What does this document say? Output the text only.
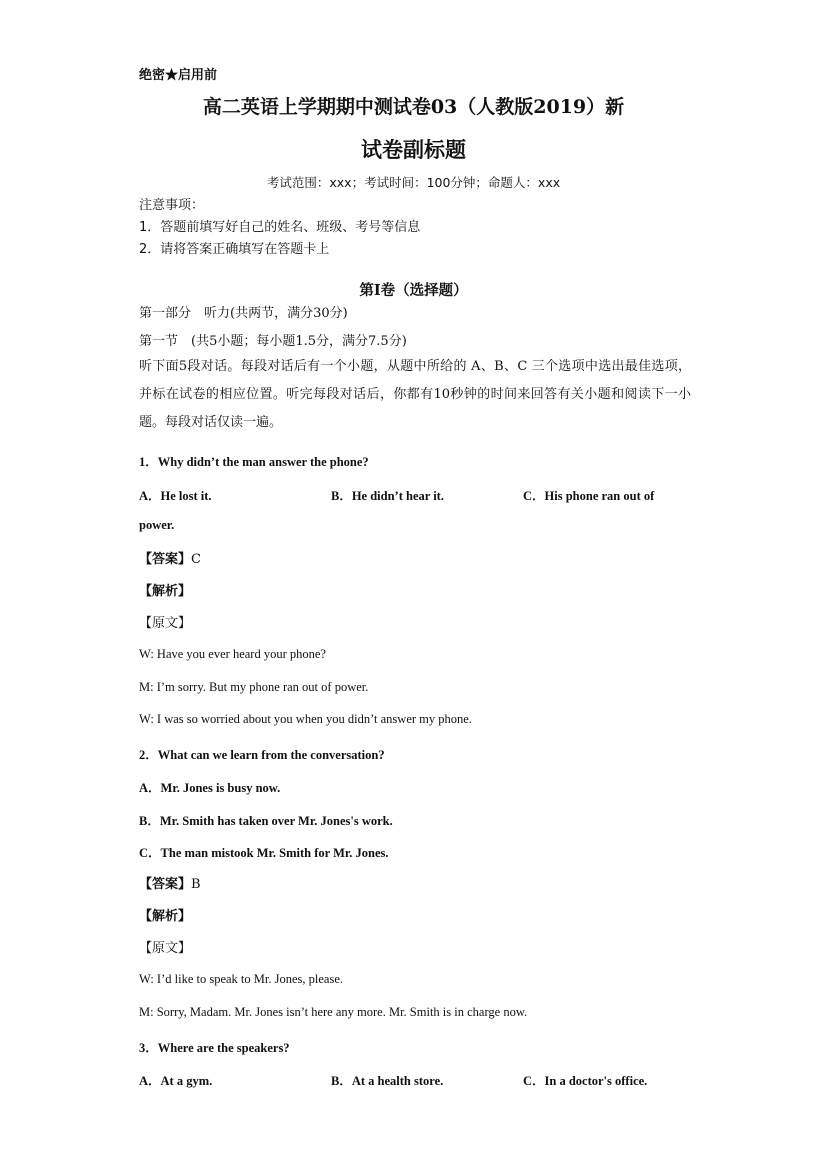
绝密★启用前
高二英语上学期期中测试卷03（人教版2019）新
试卷副标题
考试范围：xxx；考试时间：100分钟；命题人：xxx
注意事项：
1．答题前填写好自己的姓名、班级、考号等信息
2．请将答案正确填写在答题卡上
第I卷（选择题）
第一部分　听力(共两节，满分30分)
第一节　(共5小题；每小题1.5分，满分7.5分)
听下面5段对话。每段对话后有一个小题，从题中所给的 A、B、C 三个选项中选出最佳选项，并标在试卷的相应位置。听完每段对话后，你都有10秒钟的时间来回答有关小题和阅读下一小题。每段对话仅读一遍。
1．Why didn’t the man answer the phone?
A．He lost it.	B．He didn’t hear it.	C．His phone ran out of
power.
【答案】C
【解析】
【原文】
W: Have you ever heard your phone?
M: I’m sorry. But my phone ran out of power.
W: I was so worried about you when you didn’t answer my phone.
2．What can we learn from the conversation?
A．Mr. Jones is busy now.
B．Mr. Smith has taken over Mr. Jones's work.
C．The man mistook Mr. Smith for Mr. Jones.
【答案】B
【解析】
【原文】
W: I’d like to speak to Mr. Jones, please.
M: Sorry, Madam. Mr. Jones isn’t here any more. Mr. Smith is in charge now.
3．Where are the speakers?
A．At a gym.	B．At a health store.	C．In a doctor's office.
